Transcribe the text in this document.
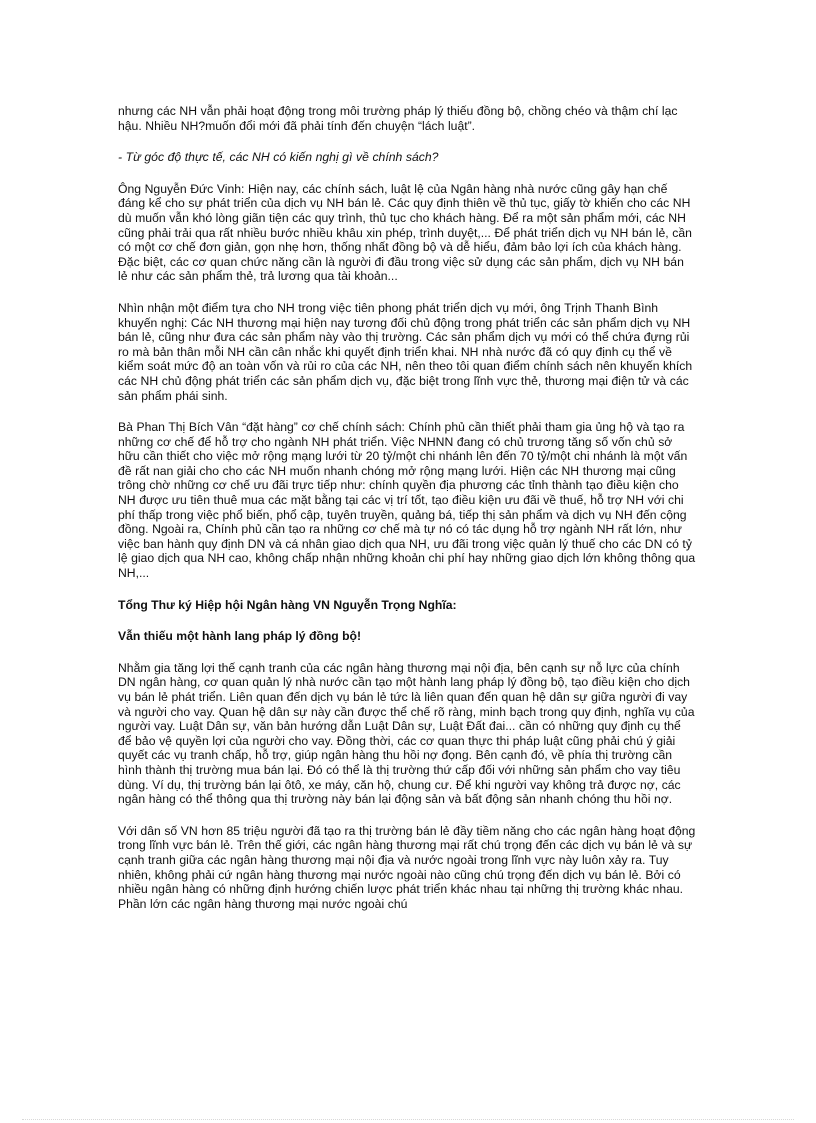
nhưng các NH vẫn phải hoạt động trong môi trường pháp lý thiếu đồng bộ, chồng chéo và thậm chí lạc hậu. Nhiều NH?muốn đổi mới đã phải tính đến chuyện “lách luật”.

- Từ góc độ thực tế, các NH có kiến nghị gì về chính sách?

Ông Nguyễn Đức Vinh: Hiện nay, các chính sách, luật lệ của Ngân hàng nhà nước cũng gây hạn chế đáng kể cho sự phát triển của dịch vụ NH bán lẻ. Các quy định thiên về thủ tục, giấy tờ khiến cho các NH dù muốn vẫn khó lòng giãn tiện các quy trình, thủ tục cho khách hàng. Để ra một sản phẩm mới, các NH cũng phải trải qua rất nhiều bước nhiều khâu xin phép, trình duyệt,... Để phát triển dịch vụ NH bán lẻ, cần có một cơ chế đơn giản, gọn nhẹ hơn, thống nhất đồng bộ và dễ hiểu, đảm bảo lợi ích của khách hàng. Đặc biệt, các cơ quan chức năng cần là người đi đầu trong việc sử dụng các sản phẩm, dịch vụ NH bán lẻ như các sản phẩm thẻ, trả lương qua tài khoản...

Nhìn nhận một điểm tựa cho NH trong việc tiên phong phát triển dịch vụ mới, ông Trịnh Thanh Bình khuyến nghị: Các NH thương mại hiện nay tương đối chủ động trong phát triển các sản phẩm dịch vụ NH bán lẻ, cũng như đưa các sản phẩm này vào thị trường. Các sản phẩm dịch vụ mới có thể chứa đựng rủi ro mà bản thân mỗi NH cần cân nhắc khi quyết định triển khai. NH nhà nước đã có quy định cụ thể về kiểm soát mức độ an toàn vốn và rủi ro của các NH, nên theo tôi quan điểm chính sách nên khuyến khích các NH chủ động phát triển các sản phẩm dịch vụ, đặc biệt trong lĩnh vực thẻ, thương mại điện tử và các sản phẩm phái sinh.

Bà Phan Thị Bích Vân “đặt hàng” cơ chế chính sách: Chính phủ cần thiết phải tham gia ủng hộ và tạo ra những cơ chế để hỗ trợ cho ngành NH phát triển. Việc NHNN đang có chủ trương tăng số vốn chủ sở hữu cần thiết cho việc mở rộng mạng lưới từ 20 tỷ/một chi nhánh lên đến 70 tỷ/một chi nhánh là một vấn đề rất nan giải cho cho các NH muốn nhanh chóng mở rộng mạng lưới. Hiện các NH thương mại cũng trông chờ những cơ chế ưu đãi trực tiếp như: chính quyền địa phương các tỉnh thành tạo điều kiện cho NH được ưu tiên thuê mua các mặt bằng tại các vị trí tốt, tạo điều kiện ưu đãi về thuế, hỗ trợ NH với chi phí thấp trong việc phổ biến, phổ cập, tuyên truyền, quảng bá, tiếp thị sản phẩm và dịch vụ NH đến cộng đồng. Ngoài ra, Chính phủ cần tạo ra những cơ chế mà tự nó có tác dụng hỗ trợ ngành NH rất lớn, như việc ban hành quy định DN và cá nhân giao dịch qua NH, ưu đãi trong việc quản lý thuế cho các DN có tỷ lệ giao dịch qua NH cao, không chấp nhận những khoản chi phí hay những giao dịch lớn không thông qua NH,...

Tổng Thư ký Hiệp hội Ngân hàng VN Nguyễn Trọng Nghĩa:

Vẫn thiếu một hành lang pháp lý đồng bộ!

Nhằm gia tăng lợi thế cạnh tranh của các ngân hàng thương mại nội địa, bên cạnh sự nỗ lực của chính DN ngân hàng, cơ quan quản lý nhà nước cần tạo một hành lang pháp lý đồng bộ, tạo điều kiện cho dịch vụ bán lẻ phát triển. Liên quan đến dịch vụ bán lẻ tức là liên quan đến quan hệ dân sự giữa người đi vay và người cho vay. Quan hệ dân sự này cần được thể chế rõ ràng, minh bạch trong quy định, nghĩa vụ của người vay. Luật Dân sự, văn bản hướng dẫn Luật Dân sự, Luật Đất đai... cần có những quy định cụ thể để bảo vệ quyền lợi của người cho vay. Đồng thời, các cơ quan thực thi pháp luật cũng phải chú ý giải quyết các vụ tranh chấp, hỗ trợ, giúp ngân hàng thu hồi nợ đọng. Bên cạnh đó, về phía thị trường cần hình thành thị trường mua bán lại. Đó có thể là thị trường thứ cấp đối với những sản phẩm cho vay tiêu dùng. Ví dụ, thị trường bán lại ôtô, xe máy, căn hộ, chung cư. Để khi người vay không trả được nợ, các ngân hàng có thể thông qua thị trường này bán lại động sản và bất động sản nhanh chóng thu hồi nợ.

Với dân số VN hơn 85 triệu người đã tạo ra thị trường bán lẻ đầy tiềm năng cho các ngân hàng hoạt động trong lĩnh vực bán lẻ. Trên thế giới, các ngân hàng thương mại rất chú trọng đến các dịch vụ bán lẻ và sự cạnh tranh giữa các ngân hàng thương mại nội địa và nước ngoài trong lĩnh vực này luôn xảy ra. Tuy nhiên, không phải cứ ngân hàng thương mại nước ngoài nào cũng chú trọng đến dịch vụ bán lẻ. Bởi có nhiều ngân hàng có những định hướng chiến lược phát triển khác nhau tại những thị trường khác nhau. Phần lớn các ngân hàng thương mại nước ngoài chú
